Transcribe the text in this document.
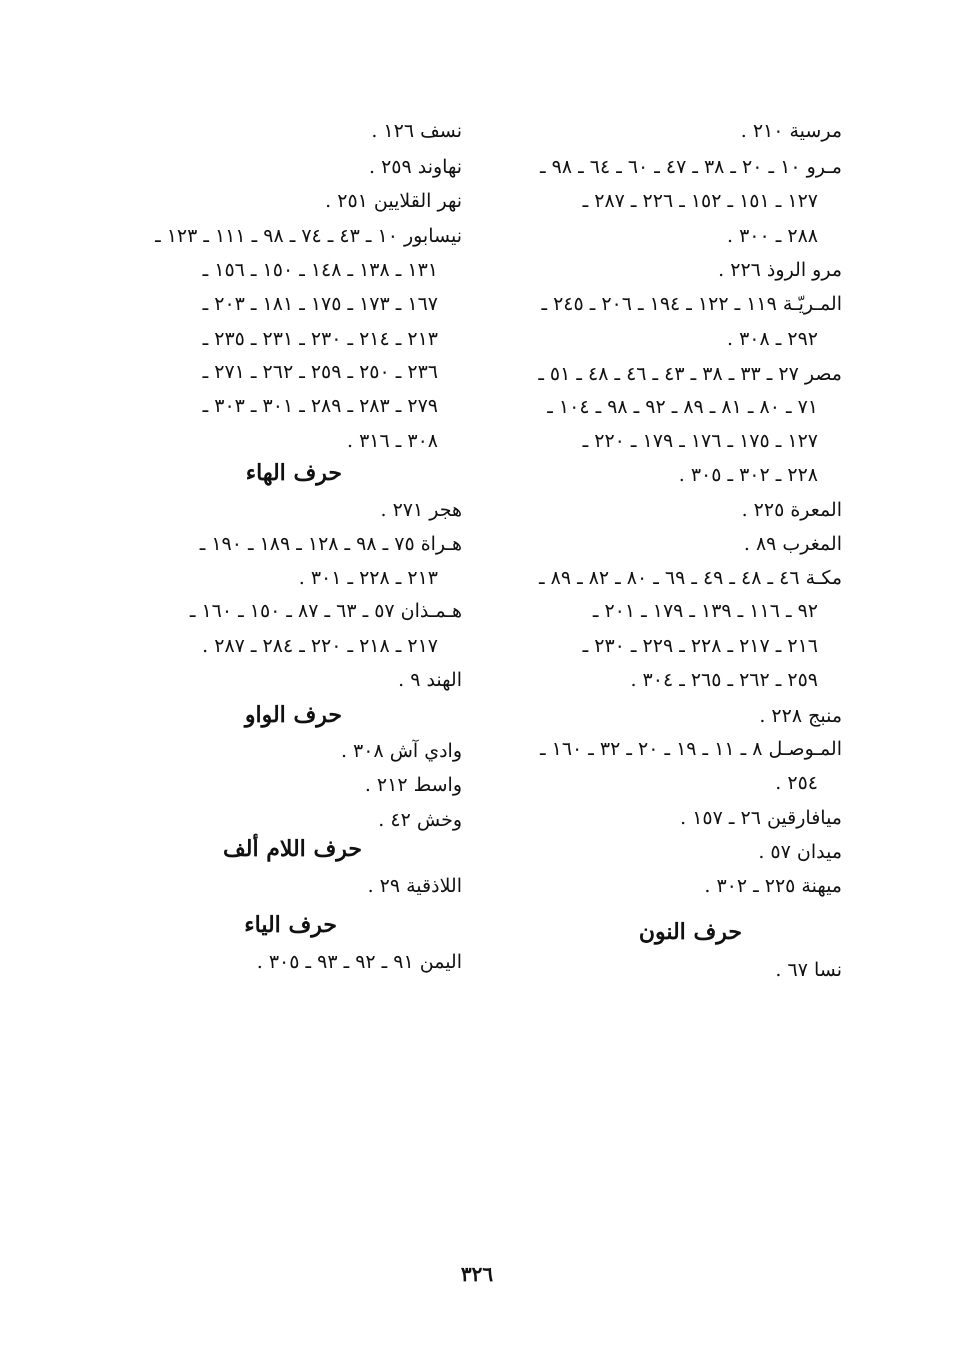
مرسية ٢١٠ .
مـرو ١٠ ـ ٢٠ ـ ٣٨ ـ ٤٧ ـ ٦٠ ـ ٦٤ ـ ٩٨ ـ
١٢٧ ـ ١٥١ ـ ١٥٢ ـ ٢٢٦ ـ ٢٨٧ ـ
٢٨٨ ـ ٣٠٠ .
مرو الروذ ٢٢٦ .
المـريّـة ١١٩ ـ ١٢٢ ـ ١٩٤ ـ ٢٠٦ ـ ٢٤٥ ـ
٢٩٢ ـ ٣٠٨ .
مصر ٢٧ ـ ٣٣ ـ ٣٨ ـ ٤٣ ـ ٤٦ ـ ٤٨ ـ ٥١ ـ
٧١ ـ ٨٠ ـ ٨١ ـ ٨٩ ـ ٩٢ ـ ٩٨ ـ ١٠٤ ـ
١٢٧ ـ ١٧٥ ـ ١٧٦ ـ ١٧٩ ـ ٢٢٠ ـ
٢٢٨ ـ ٣٠٢ ـ ٣٠٥ .
المعرة ٢٢٥ .
المغرب ٨٩ .
مكـة ٤٦ ـ ٤٨ ـ ٤٩ ـ ٦٩ ـ ٨٠ ـ ٨٢ ـ ٨٩ ـ
٩٢ ـ ١١٦ ـ ١٣٩ ـ ١٧٩ ـ ٢٠١ ـ
٢١٦ ـ ٢١٧ ـ ٢٢٨ ـ ٢٢٩ ـ ٢٣٠ ـ
٢٥٩ ـ ٢٦٢ ـ ٢٦٥ ـ ٣٠٤ .
منبج ٢٢٨ .
المـوصـل ٨ ـ ١١ ـ ١٩ ـ ٢٠ ـ ٣٢ ـ ١٦٠ ـ
٢٥٤ .
ميافارقين ٢٦ ـ ١٥٧ .
ميدان ٥٧ .
ميهنة ٢٢٥ ـ ٣٠٢ .
حرف النون
نسا ٦٧ .
نسف ١٢٦ .
نهاوند ٢٥٩ .
نهر القلايين ٢٥١ .
نيسابور ١٠ ـ ٤٣ ـ ٧٤ ـ ٩٨ ـ ١١١ ـ ١٢٣ ـ
١٣١ ـ ١٣٨ ـ ١٤٨ ـ ١٥٠ ـ ١٥٦ ـ
١٦٧ ـ ١٧٣ ـ ١٧٥ ـ ١٨١ ـ ٢٠٣ ـ
٢١٣ ـ ٢١٤ ـ ٢٣٠ ـ ٢٣١ ـ ٢٣٥ ـ
٢٣٦ ـ ٢٥٠ ـ ٢٥٩ ـ ٢٦٢ ـ ٢٧١ ـ
٢٧٩ ـ ٢٨٣ ـ ٢٨٩ ـ ٣٠١ ـ ٣٠٣ ـ
٣٠٨ ـ ٣١٦ .
حرف الهاء
هجر ٢٧١ .
هـراة ٧٥ ـ ٩٨ ـ ١٢٨ ـ ١٨٩ ـ ١٩٠ ـ
٢١٣ ـ ٢٢٨ ـ ٣٠١ .
هـمـذان ٥٧ ـ ٦٣ ـ ٨٧ ـ ١٥٠ ـ ١٦٠ ـ
٢١٧ ـ ٢١٨ ـ ٢٢٠ ـ ٢٨٤ ـ ٢٨٧ .
الهند ٩ .
حرف الواو
وادي آش ٣٠٨ .
واسط ٢١٢ .
وخش ٤٢ .
حرف اللام ألف
اللاذقية ٢٩ .
حرف الياء
اليمن ٩١ ـ ٩٢ ـ ٩٣ ـ ٣٠٥ .
٣٢٦
